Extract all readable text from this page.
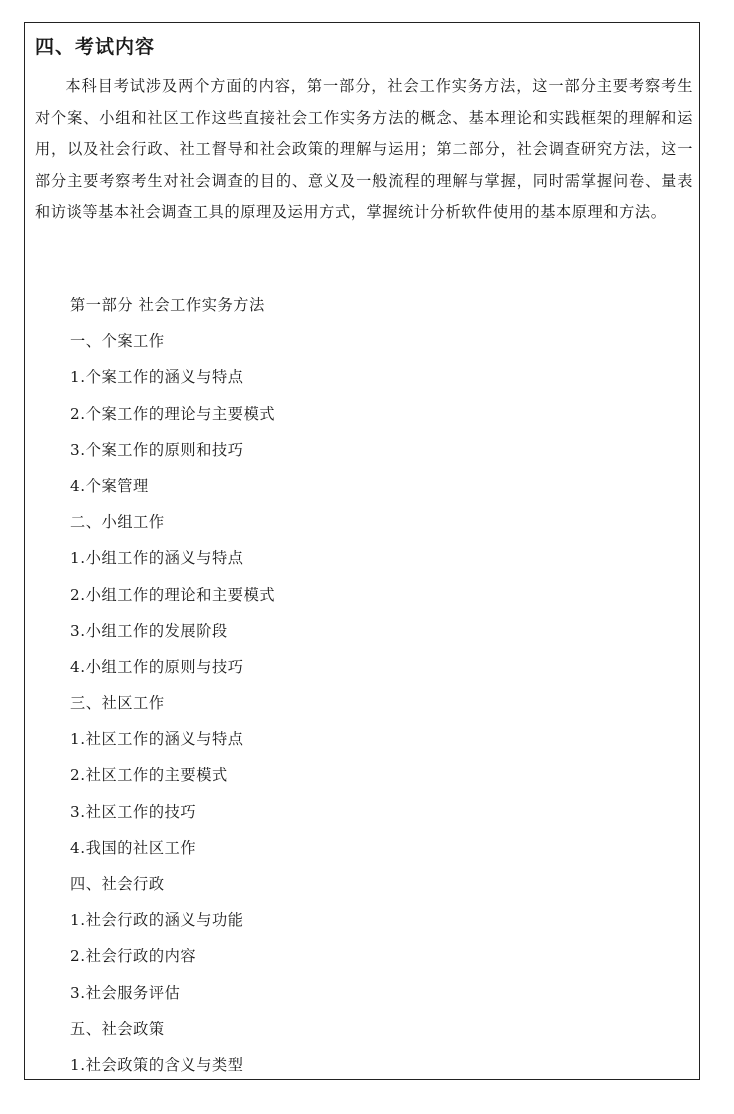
四、考试内容

本科目考试涉及两个方面的内容，第一部分，社会工作实务方法，这一部分主要考察考生对个案、小组和社区工作这些直接社会工作实务方法的概念、基本理论和实践框架的理解和运用，以及社会行政、社工督导和社会政策的理解与运用；第二部分，社会调查研究方法，这一部分主要考察考生对社会调查的目的、意义及一般流程的理解与掌握，同时需掌握问卷、量表和访谈等基本社会调查工具的原理及运用方式，掌握统计分析软件使用的基本原理和方法。

第一部分 社会工作实务方法
一、个案工作
1.个案工作的涵义与特点
2.个案工作的理论与主要模式
3.个案工作的原则和技巧
4.个案管理
二、小组工作
1.小组工作的涵义与特点
2.小组工作的理论和主要模式
3.小组工作的发展阶段
4.小组工作的原则与技巧
三、社区工作
1.社区工作的涵义与特点
2.社区工作的主要模式
3.社区工作的技巧
4.我国的社区工作
四、社会行政
1.社会行政的涵义与功能
2.社会行政的内容
3.社会服务评估
五、社会政策
1.社会政策的含义与类型
